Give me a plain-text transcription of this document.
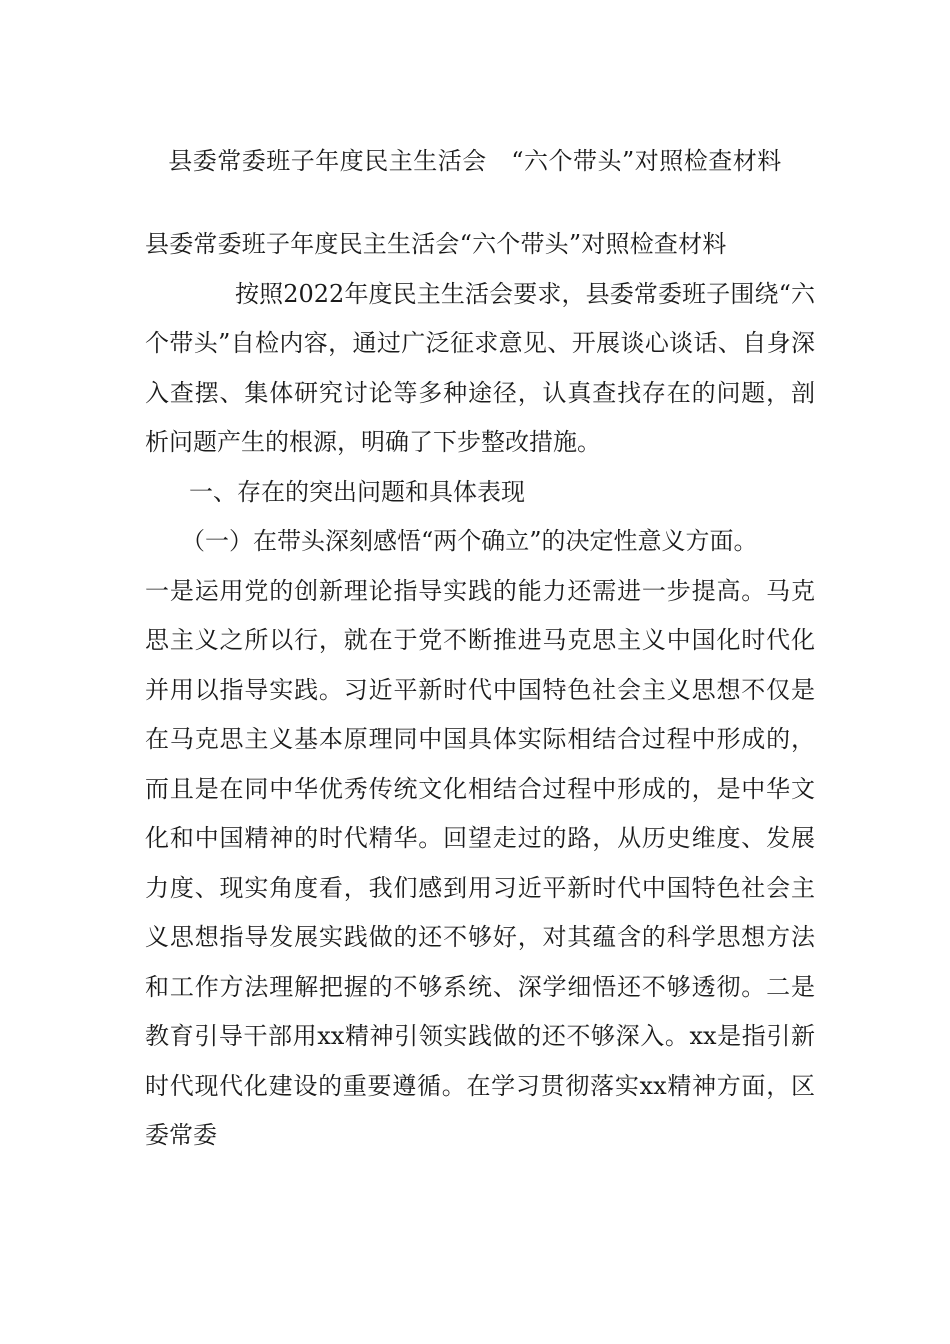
县委常委班子年度民主生活会　“六个带头”对照检查材料

县委常委班子年度民主生活会“六个带头”对照检查材料

按照2022年度民主生活会要求，县委常委班子围绕“六个带头”自检内容，通过广泛征求意见、开展谈心谈话、自身深入查摆、集体研究讨论等多种途径，认真查找存在的问题，剖析问题产生的根源，明确了下步整改措施。

一、存在的突出问题和具体表现

（一）在带头深刻感悟“两个确立”的决定性意义方面。

一是运用党的创新理论指导实践的能力还需进一步提高。马克思主义之所以行，就在于党不断推进马克思主义中国化时代化并用以指导实践。习近平新时代中国特色社会主义思想不仅是在马克思主义基本原理同中国具体实际相结合过程中形成的，而且是在同中华优秀传统文化相结合过程中形成的，是中华文化和中国精神的时代精华。回望走过的路，从历史维度、发展力度、现实角度看，我们感到用习近平新时代中国特色社会主义思想指导发展实践做的还不够好，对其蕴含的科学思想方法和工作方法理解把握的不够系统、深学细悟还不够透彻。二是教育引导干部用xx精神引领实践做的还不够深入。xx是指引新时代现代化建设的重要遵循。在学习贯彻落实xx精神方面，区委常委
